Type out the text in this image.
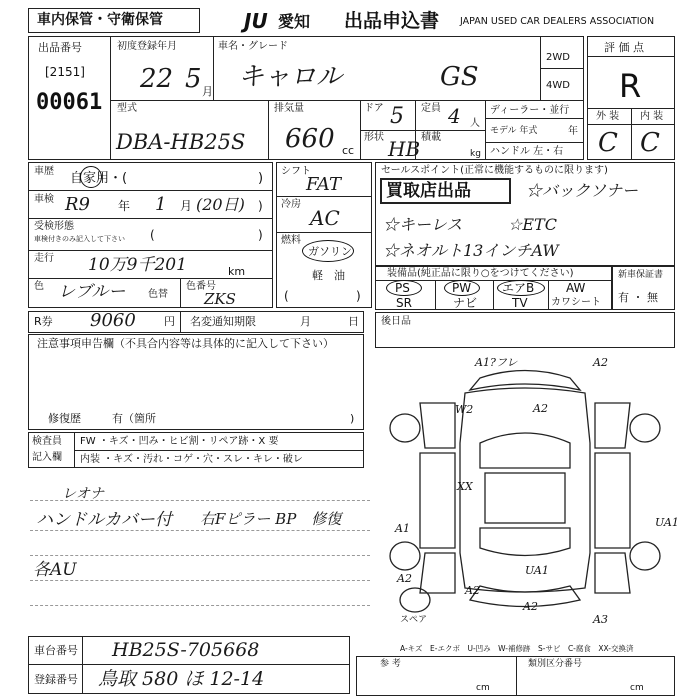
車内保管・守衛保管	JU 愛知 出品申込書 JAPAN USED CAR DEALERS ASSOCIATION
出品番号
[2151]
00061
初度登録年月
22 5 月
車名・グレード
キャロル	GS
2WD
4WD
評 価 点
R
外 装 内 装
C C
型式
DBA-HB25S
排気量
660 cc
ドア 5 定員 4 人
形状 HB 積載
kg
ディーラー・並行
モデル 年式	年
ハンドル 左・右
車歴 自家用・(	)
車検 R9 年 1 月 (20日) )
受検形態
車検付きのみ記入して下さい (	)
走行 10万9千201	km
色 レブルー 色替
色番号
ZKS
シフト
FAT
冷房
AC
燃料
ガソリン
軽　油
(	)
セールスポイント(正常に機能するものに限ります)
買取店出品	☆バックソナー
☆キーレス	☆ETC
☆ネオルト13インチAW
装備品(純正品に限り○をつけてください)
PS	PW	エアB	AW
SR	ナビ	TV カワシート
新車保証書
有 ・ 無
R券 9060	円 名変通知期限	月	日 後日品
注意事項申告欄（不具合内容等は具体的に記入して下さい）
修復歴	有（箇所	)
検査員
記入欄
FW ・キズ・凹み・ヒビ割・リペア跡・X 要
内装 ・キズ・汚れ・コゲ・穴・スレ・キレ・破レ
レオナ
ハンドルカバー付 右Fピラー BP　修復
各AU
A1?フレ	A2
W2	A2
XX
A1	UA1
A2
UA1
A2
A2
A3
スペア
車台番号 HB25S-705668
登録番号 鳥取 580 ほ 12-14
A-キズ　E-エクボ　U-凹み　W-補修跡　S-サビ　C-腐食　XX-交換済
参 考	類別区分番号
cm	cm
